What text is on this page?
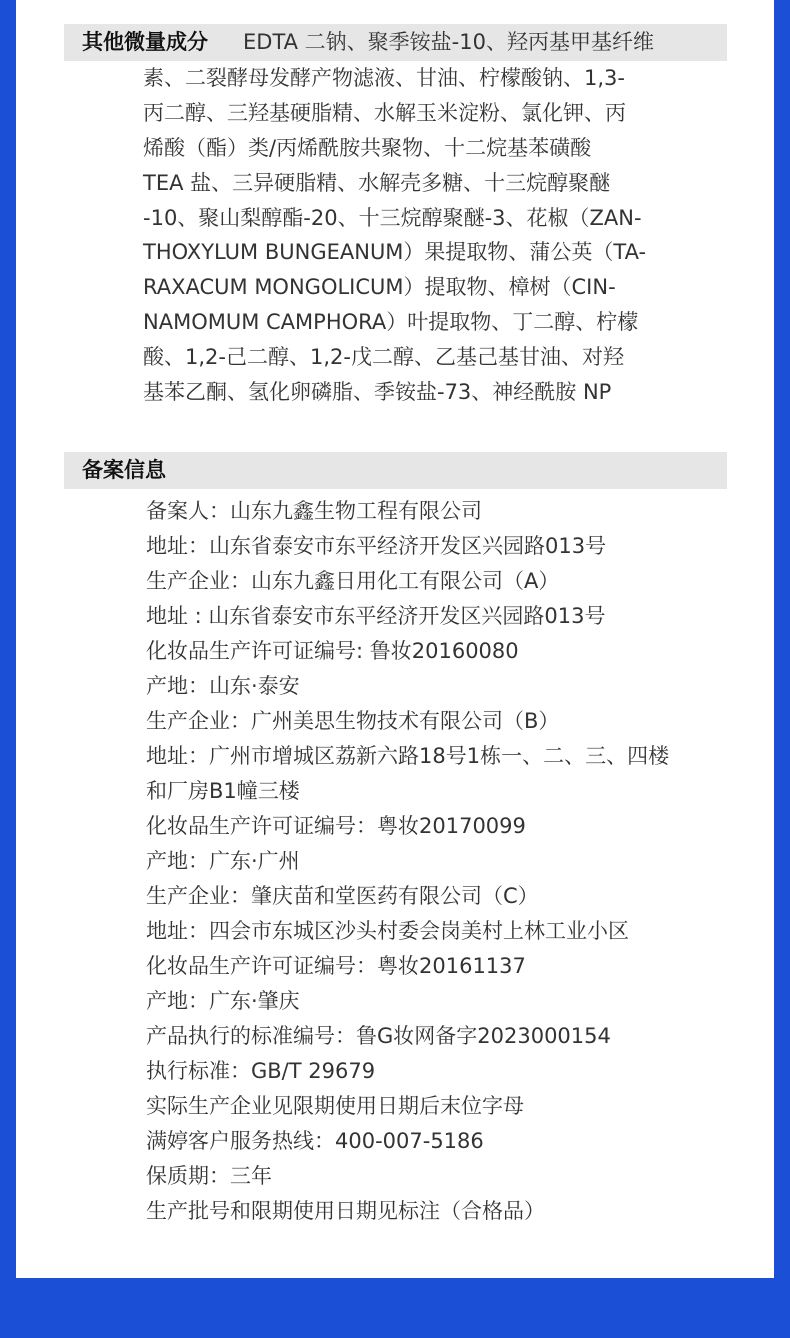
其他微量成分 EDTA 二钠、聚季铵盐-10、羟丙基甲基纤维
素、二裂酵母发酵产物滤液、甘油、柠檬酸钠、1,3-
丙二醇、三羟基硬脂精、水解玉米淀粉、氯化钾、丙
烯酸（酯）类/丙烯酰胺共聚物、十二烷基苯磺酸
TEA 盐、三异硬脂精、水解壳多糖、十三烷醇聚醚
-10、聚山梨醇酯-20、十三烷醇聚醚-3、花椒（ZAN-
THOXYLUM BUNGEANUM）果提取物、蒲公英（TA-
RAXACUM MONGOLICUM）提取物、樟树（CIN-
NAMOMUM CAMPHORA）叶提取物、丁二醇、柠檬
酸、1,2-己二醇、1,2-戊二醇、乙基己基甘油、对羟
基苯乙酮、氢化卵磷脂、季铵盐-73、神经酰胺 NP
备案信息
备案人：山东九鑫生物工程有限公司
地址：山东省泰安市东平经济开发区兴园路013号
生产企业：山东九鑫日用化工有限公司（A）
地址 : 山东省泰安市东平经济开发区兴园路013号
化妆品生产许可证编号: 鲁妆20160080
产地：山东·泰安
生产企业：广州美思生物技术有限公司（B）
地址：广州市增城区荔新六路18号1栋一、二、三、四楼
和厂房B1幢三楼
化妆品生产许可证编号：粤妆20170099
产地：广东·广州
生产企业：肇庆苗和堂医药有限公司（C）
地址：四会市东城区沙头村委会岗美村上林工业小区
化妆品生产许可证编号：粤妆20161137
产地：广东·肇庆
产品执行的标准编号：鲁G妆网备字2023000154
执行标准：GB/T 29679
实际生产企业见限期使用日期后末位字母
满婷客户服务热线：400-007-5186
保质期：三年
生产批号和限期使用日期见标注（合格品）
